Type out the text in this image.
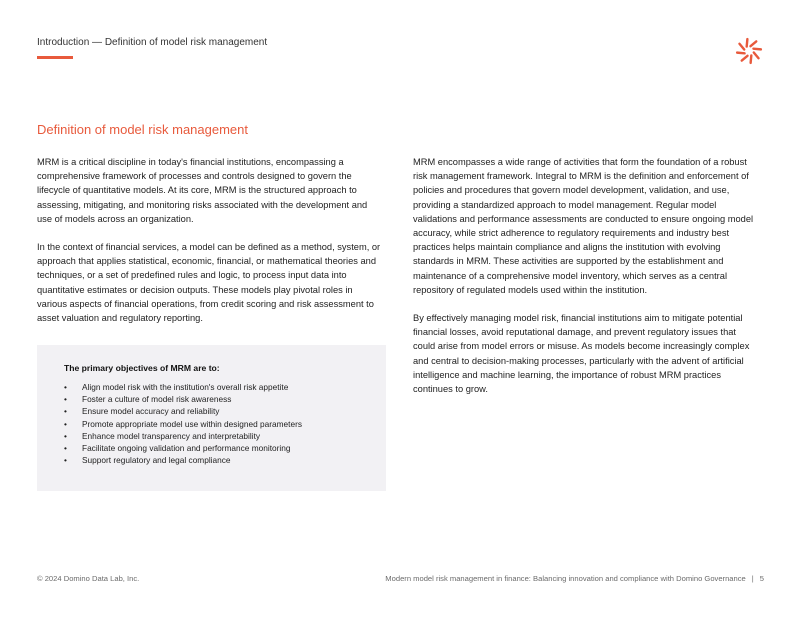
Introduction — Definition of model risk management
Definition of model risk management

MRM is a critical discipline in today's financial institutions, encompassing a comprehensive framework of processes and controls designed to govern the lifecycle of quantitative models. At its core, MRM is the structured approach to assessing, mitigating, and monitoring risks associated with the development and use of models across an organization.

In the context of financial services, a model can be defined as a method, system, or approach that applies statistical, economic, financial, or mathematical theories and techniques, or a set of predefined rules and logic, to process input data into quantitative estimates or decision outputs. These models play pivotal roles in various aspects of financial operations, from credit scoring and risk assessment to asset valuation and regulatory reporting.

The primary objectives of MRM are to:
• Align model risk with the institution's overall risk appetite
• Foster a culture of model risk awareness
• Ensure model accuracy and reliability
• Promote appropriate model use within designed parameters
• Enhance model transparency and interpretability
• Facilitate ongoing validation and performance monitoring
• Support regulatory and legal compliance

MRM encompasses a wide range of activities that form the foundation of a robust risk management framework. Integral to MRM is the definition and enforcement of policies and procedures that govern model development, validation, and use, providing a standardized approach to model management. Regular model validations and performance assessments are conducted to ensure ongoing model accuracy, while strict adherence to regulatory requirements and industry best practices helps maintain compliance and aligns the institution with evolving standards in MRM. These activities are supported by the establishment and maintenance of a comprehensive model inventory, which serves as a central repository of regulated models used within the institution.

By effectively managing model risk, financial institutions aim to mitigate potential financial losses, avoid reputational damage, and prevent regulatory issues that could arise from model errors or misuse. As models become increasingly complex and central to decision-making processes, particularly with the advent of artificial intelligence and machine learning, the importance of robust MRM practices continues to grow.

© 2024 Domino Data Lab, Inc.	Modern model risk management in finance: Balancing innovation and compliance with Domino Governance | 5
